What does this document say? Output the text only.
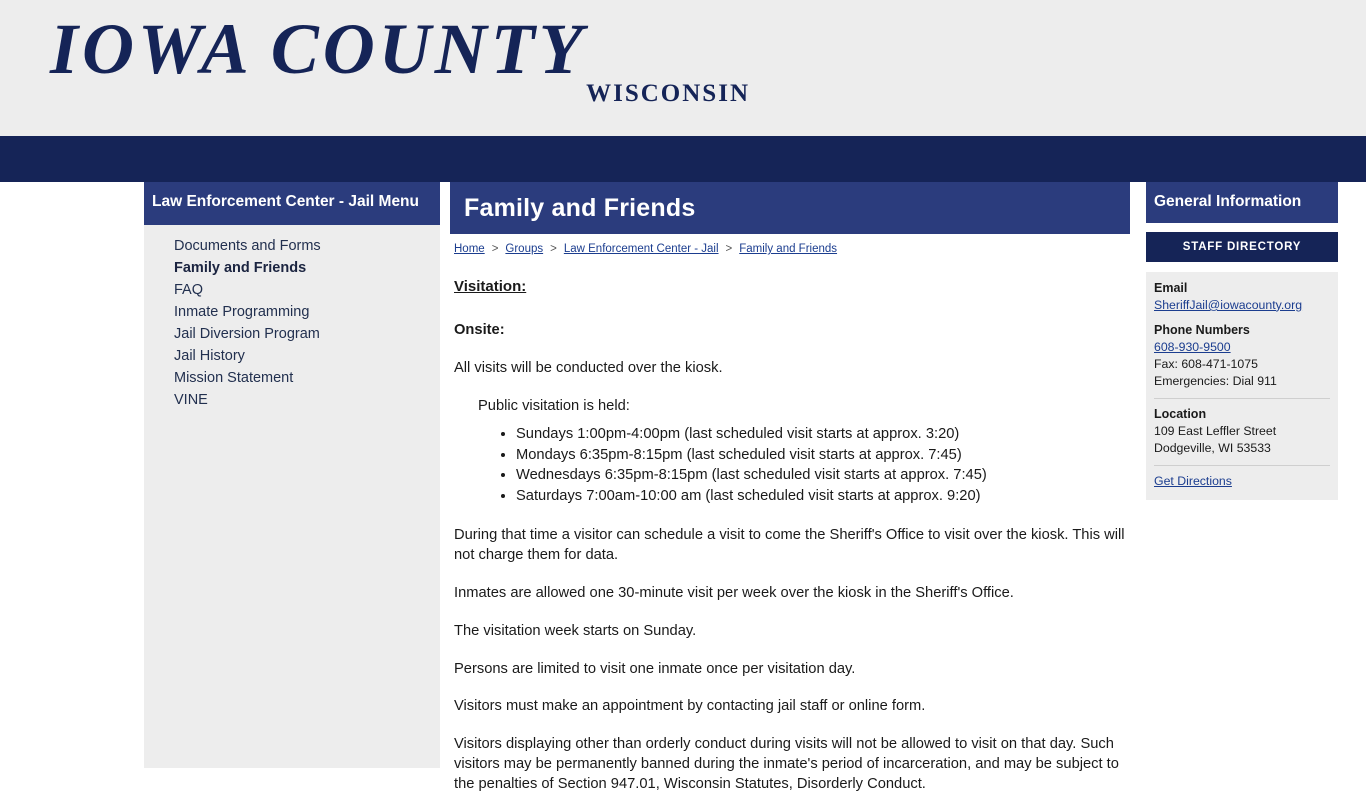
IOWA COUNTY
WISCONSIN
Law Enforcement Center - Jail Menu
Documents and Forms
Family and Friends
FAQ
Inmate Programming
Jail Diversion Program
Jail History
Mission Statement
VINE
Family and Friends
Home > Groups > Law Enforcement Center - Jail > Family and Friends
Visitation:
Onsite:

All visits will be conducted over the kiosk.

Public visitation is held:

• Sundays 1:00pm-4:00pm (last scheduled visit starts at approx. 3:20)
• Mondays 6:35pm-8:15pm (last scheduled visit starts at approx. 7:45)
• Wednesdays 6:35pm-8:15pm (last scheduled visit starts at approx. 7:45)
• Saturdays 7:00am-10:00 am (last scheduled visit starts at approx. 9:20)

During that time a visitor can schedule a visit to come the Sheriff's Office to visit over the kiosk. This will not charge them for data.

Inmates are allowed one 30-minute visit per week over the kiosk in the Sheriff's Office.

The visitation week starts on Sunday.

Persons are limited to visit one inmate once per visitation day.

Visitors must make an appointment by contacting jail staff or online form.

Visitors displaying other than orderly conduct during visits will not be allowed to visit on that day. Such visitors may be permanently banned during the inmate's period of incarceration, and may be subject to the penalties of Section 947.01, Wisconsin Statutes, Disorderly Conduct.

General Information
STAFF DIRECTORY
Email
SheriffJail@iowacounty.org
Phone Numbers
608-930-9500
Fax: 608-471-1075
Emergencies: Dial 911
Location
109 East Leffler Street
Dodgeville, WI 53533
Get Directions
